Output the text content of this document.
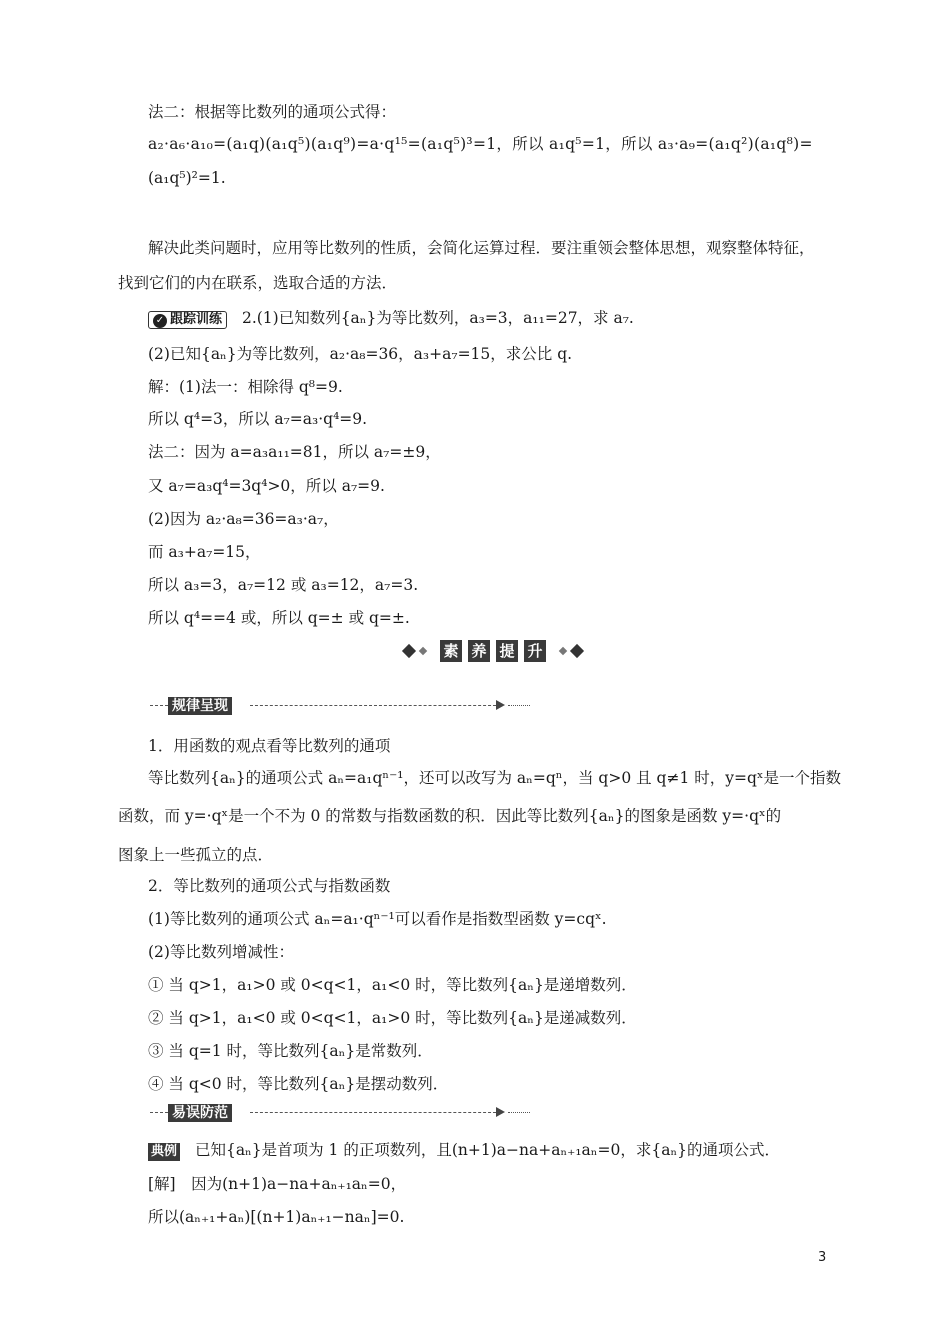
法二：根据等比数列的通项公式得：
a₂·a₆·a₁₀=(a₁q)(a₁q⁵)(a₁q⁹)=a·q¹⁵=(a₁q⁵)³=1，所以 a₁q⁵=1，所以 a₃·a₉=(a₁q²)(a₁q⁸)=
(a₁q⁵)²=1.
解决此类问题时，应用等比数列的性质，会简化运算过程．要注重领会整体思想，观察整体特征，
找到它们的内在联系，选取合适的方法．
✓ 跟踪训练 2.(1)已知数列{aₙ}为等比数列，a₃=3，a₁₁=27，求 a₇.
(2)已知{aₙ}为等比数列，a₂·a₈=36，a₃+a₇=15，求公比 q.
解：(1)法一：相除得 q⁸=9.
所以 q⁴=3，所以 a₇=a₃·q⁴=9.
法二：因为 a=a₃a₁₁=81，所以 a₇=±9，
又 a₇=a₃q⁴=3q⁴>0，所以 a₇=9.
(2)因为 a₂·a₈=36=a₃·a₇，
而 a₃+a₇=15，
所以 a₃=3，a₇=12 或 a₃=12，a₇=3.
所以 q⁴==4 或，所以 q=± 或 q=±.
素 养 提 升
规律呈现
1．用函数的观点看等比数列的通项
等比数列{aₙ}的通项公式 aₙ=a₁qⁿ⁻¹，还可以改写为 aₙ=qⁿ，当 q>0 且 q≠1 时，y=qˣ是一个指数
函数，而 y=·qˣ是一个不为 0 的常数与指数函数的积．因此等比数列{aₙ}的图象是函数 y=·qˣ的
图象上一些孤立的点．
2．等比数列的通项公式与指数函数
(1)等比数列的通项公式 aₙ=a₁·qⁿ⁻¹可以看作是指数型函数 y=cqˣ.
(2)等比数列增减性：
① 当 q>1，a₁>0 或 0<q<1，a₁<0 时，等比数列{aₙ}是递增数列．
② 当 q>1，a₁<0 或 0<q<1，a₁>0 时，等比数列{aₙ}是递减数列．
③ 当 q=1 时，等比数列{aₙ}是常数列．
④ 当 q<0 时，等比数列{aₙ}是摆动数列．
易误防范
典例 已知{aₙ}是首项为 1 的正项数列，且(n+1)a−na+aₙ₊₁aₙ=0，求{aₙ}的通项公式．
[解]　因为(n+1)a−na+aₙ₊₁aₙ=0，
所以(aₙ₊₁+aₙ)[(n+1)aₙ₊₁−naₙ]=0.
3
